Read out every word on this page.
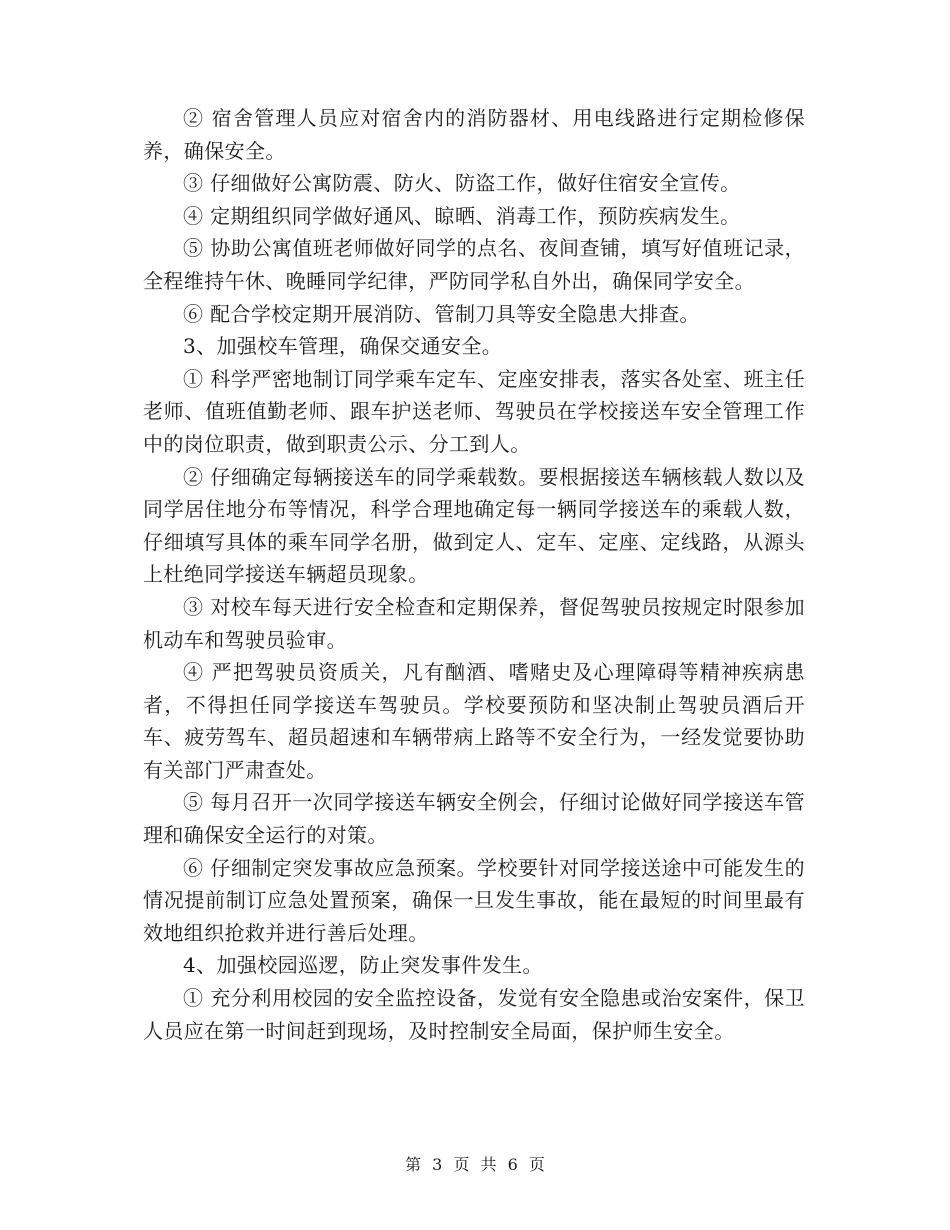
② 宿舍管理人员应对宿舍内的消防器材、用电线路进行定期检修保养，确保安全。

③ 仔细做好公寓防震、防火、防盗工作，做好住宿安全宣传。

④ 定期组织同学做好通风、晾晒、消毒工作，预防疾病发生。

⑤ 协助公寓值班老师做好同学的点名、夜间查铺，填写好值班记录，全程维持午休、晚睡同学纪律，严防同学私自外出，确保同学安全。

⑥ 配合学校定期开展消防、管制刀具等安全隐患大排查。

3、加强校车管理，确保交通安全。

① 科学严密地制订同学乘车定车、定座安排表，落实各处室、班主任老师、值班值勤老师、跟车护送老师、驾驶员在学校接送车安全管理工作中的岗位职责，做到职责公示、分工到人。

② 仔细确定每辆接送车的同学乘载数。要根据接送车辆核载人数以及同学居住地分布等情况，科学合理地确定每一辆同学接送车的乘载人数，仔细填写具体的乘车同学名册，做到定人、定车、定座、定线路，从源头上杜绝同学接送车辆超员现象。

③ 对校车每天进行安全检查和定期保养，督促驾驶员按规定时限参加机动车和驾驶员验审。

④ 严把驾驶员资质关，凡有酗酒、嗜赌史及心理障碍等精神疾病患者，不得担任同学接送车驾驶员。学校要预防和坚决制止驾驶员酒后开车、疲劳驾车、超员超速和车辆带病上路等不安全行为，一经发觉要协助有关部门严肃查处。

⑤ 每月召开一次同学接送车辆安全例会，仔细讨论做好同学接送车管理和确保安全运行的对策。

⑥ 仔细制定突发事故应急预案。学校要针对同学接送途中可能发生的情况提前制订应急处置预案，确保一旦发生事故，能在最短的时间里最有效地组织抢救并进行善后处理。

4、加强校园巡逻，防止突发事件发生。

① 充分利用校园的安全监控设备，发觉有安全隐患或治安案件，保卫人员应在第一时间赶到现场，及时控制安全局面，保护师生安全。

第 3 页 共 6 页
